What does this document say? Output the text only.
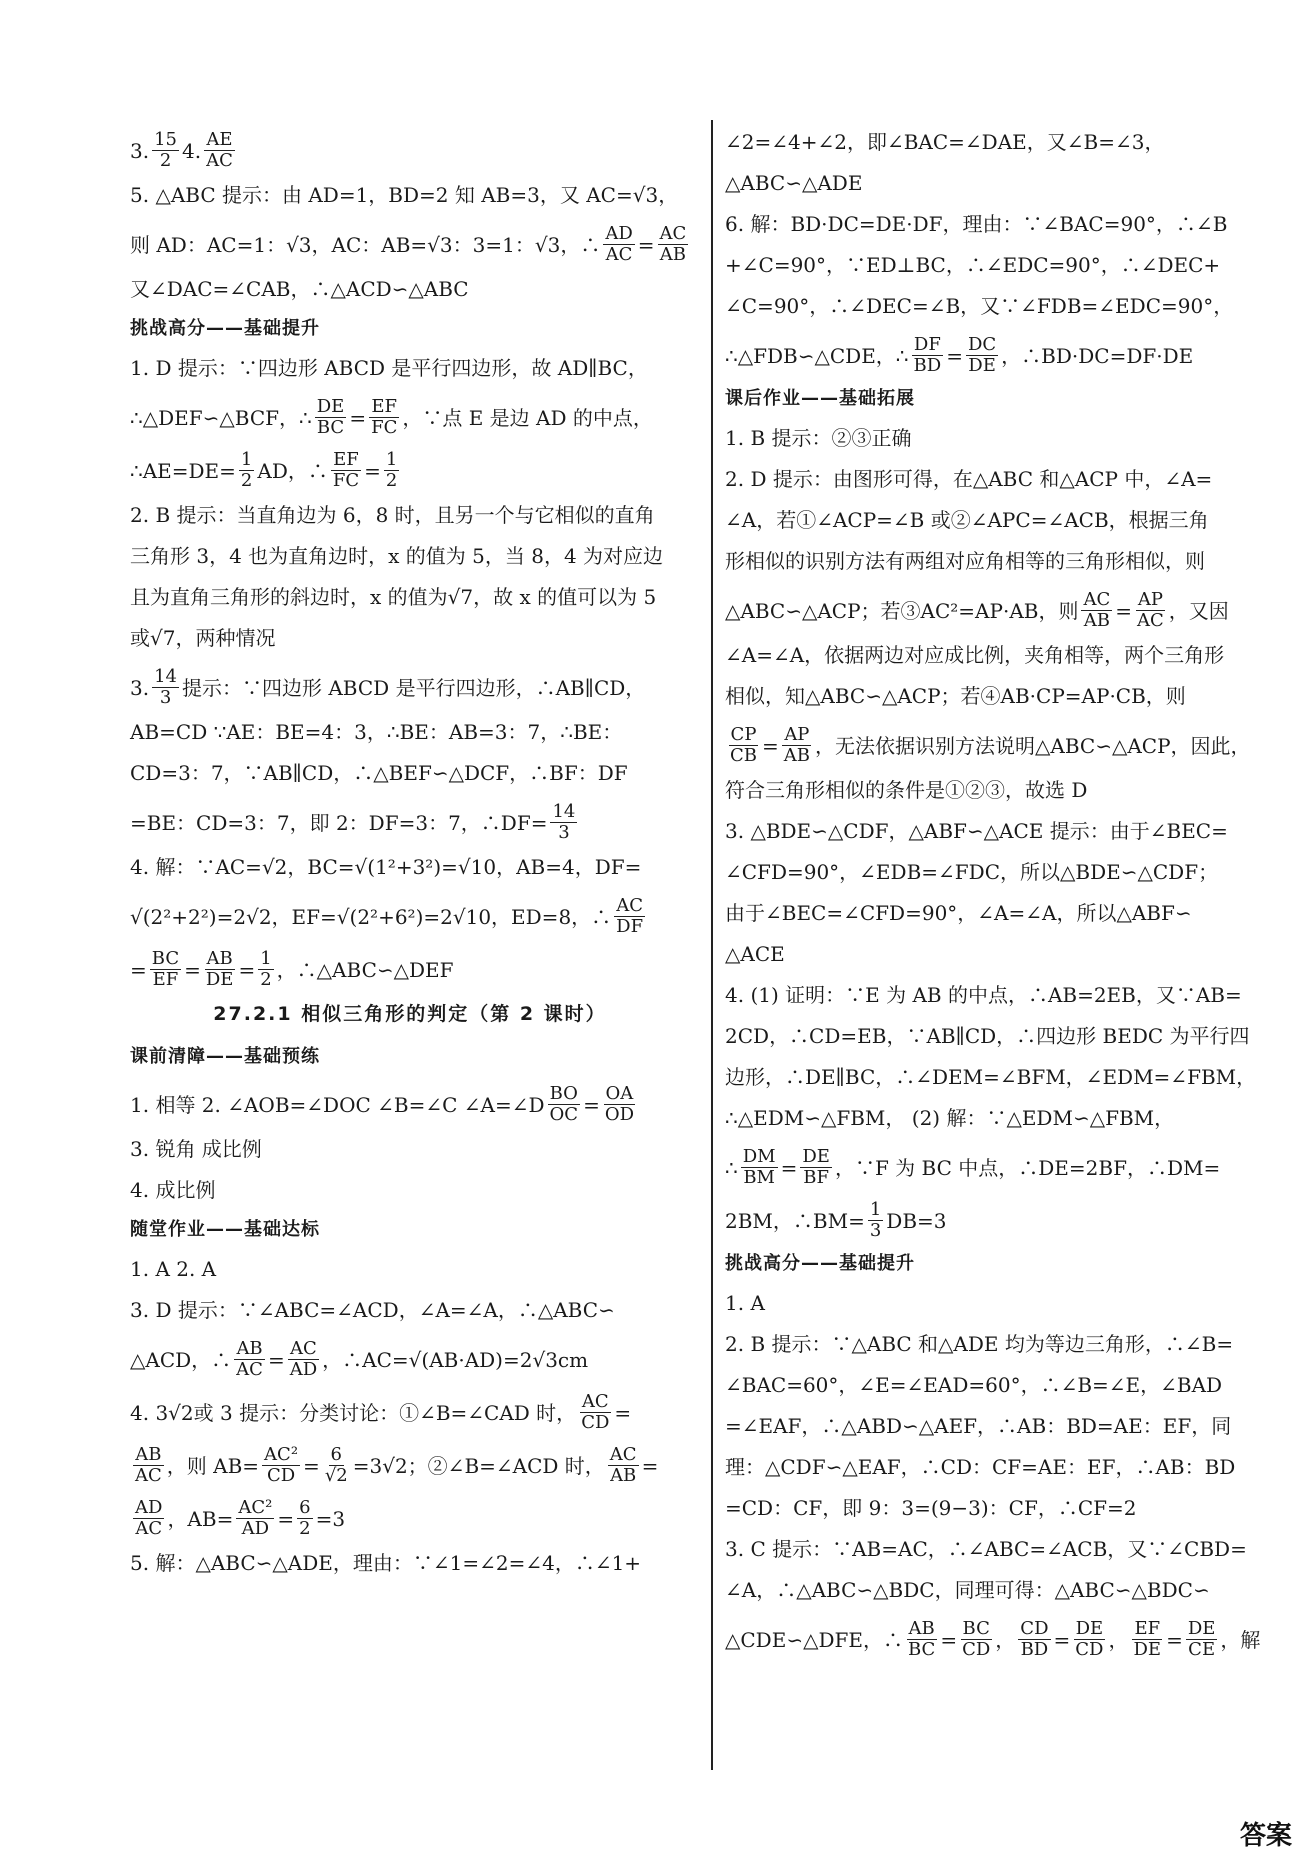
3. $\frac{15}{2} 4$. $\frac{AE}{AC}$
5. △ABC 提示：由 AD=1，BD=2 知 AB=3，又 AC=√3，
则 AD：AC=1：√3，AC：AB=√3：3=1：√3，∴ $\frac{AD}{AC} = \frac{AC}{AB}$
又∠DAC=∠CAB，∴△ACD∽△ABC
挑战高分——基础提升
1. D 提示：∵四边形 ABCD 是平行四边形，故 AD∥BC，
∴△DEF∽△BCF，∴ $\frac{DE}{BC} = \frac{EF}{FC}$ ，∵点 E 是边 AD 的中点，
∴AE=DE= $\frac{1}{2}$ AD，∴ $\frac{EF}{FC} = \frac{1}{2}$
2. B 提示：当直角边为 6，8 时，且另一个与它相似的直角
三角形 3，4 也为直角边时，x 的值为 5，当 8，4 为对应边
且为直角三角形的斜边时，x 的值为√7，故 x 的值可以为 5
或√7，两种情况
3. $\frac{14}{3}$ 提示：∵四边形 ABCD 是平行四边形，∴AB∥CD，
AB=CD ∵AE：BE=4：3，∴BE：AB=3：7，∴BE：
CD=3：7，∵AB∥CD，∴△BEF∽△DCF，∴BF：DF
=BE：CD=3：7，即 2：DF=3：7，∴DF= $\frac{14}{3}$
4. 解：∵AC=√2，BC=√(1²+3²)=√10，AB=4，DF=
√(2²+2²)=2√2，EF=√(2²+6²)=2√10，ED=8，∴ $\frac{AC}{DF}$
= $\frac{BC}{EF} = \frac{AB}{DE} = \frac{1}{2}$ ，∴△ABC∽△DEF
27.2.1 相似三角形的判定（第 2 课时）
课前清障——基础预练
1. 相等 2. ∠AOB=∠DOC ∠B=∠C ∠A=∠D $\frac{BO}{OC} = \frac{OA}{OD}$
3. 锐角 成比例
4. 成比例
随堂作业——基础达标
1. A 2. A
3. D 提示：∵∠ABC=∠ACD，∠A=∠A，∴△ABC∽
△ACD，∴ $\frac{AB}{AC} = \frac{AC}{AD}$ ，∴AC=√(AB·AD)=2√3cm
4. 3√2或 3 提示：分类讨论：①∠B=∠CAD 时， $\frac{AC}{CD}$ =
$\frac{AB}{AC}$ ，则 $AB= \frac{\text{AC²}}{CD} = \frac{6}{√2} =3√2$；②∠B=∠ACD 时， $\frac{AC}{AB}$ =
$\frac{AD}{AC}$ ，$AB= \frac{\text{AC²}}{AD} = \frac{6}{2} =3$
5. 解：△ABC∽△ADE，理由：∵∠1=∠2=∠4，∴∠1+
∠2=∠4+∠2，即∠BAC=∠DAE，又∠B=∠3，
△ABC∽△ADE
6. 解：BD·DC=DE·DF，理由：∵∠BAC=90°，∴∠B
+∠C=90°，∵ED⊥BC，∴∠EDC=90°，∴∠DEC+
∠C=90°，∴∠DEC=∠B，又∵∠FDB=∠EDC=90°，
∴△FDB∽△CDE，∴ $\frac{DF}{BD} = \frac{DC}{DE}$ ，∴BD·DC=DF·DE
课后作业——基础拓展
1. B 提示：②③正确
2. D 提示：由图形可得，在△ABC 和△ACP 中，∠A=
∠A，若①∠ACP=∠B 或②∠APC=∠ACB，根据三角
形相似的识别方法有两组对应角相等的三角形相似，则
△ABC∽△ACP；若③AC²=AP·AB，则 $\frac{AC}{AB} = \frac{AP}{AC}$ ，又因
∠A=∠A，依据两边对应成比例，夹角相等，两个三角形
相似，知△ABC∽△ACP；若④AB·CP=AP·CB，则
$\frac{CP}{CB} = \frac{AP}{AB}$ ，无法依据识别方法说明△ABC∽△ACP，因此，
符合三角形相似的条件是①②③，故选 D
3. △BDE∽△CDF，△ABF∽△ACE 提示：由于∠BEC=
∠CFD=90°，∠EDB=∠FDC，所以△BDE∽△CDF；
由于∠BEC=∠CFD=90°，∠A=∠A，所以△ABF∽
△ACE
4. (1) 证明：∵E 为 AB 的中点，∴AB=2EB，又∵AB=
2CD，∴CD=EB，∵AB∥CD，∴四边形 BEDC 为平行四
边形，∴DE∥BC，∴∠DEM=∠BFM，∠EDM=∠FBM，
∴△EDM∽△FBM， (2) 解：∵△EDM∽△FBM，
∴ $\frac{DM}{BM} = \frac{DE}{BF}$ ，∵F 为 BC 中点，∴DE=2BF，∴DM=
2BM，∴BM= $\frac{1}{3} DB=3$
挑战高分——基础提升
1. A
2. B 提示：∵△ABC 和△ADE 均为等边三角形，∴∠B=
∠BAC=60°，∠E=∠EAD=60°，∴∠B=∠E，∠BAD
=∠EAF，∴△ABD∽△AEF，∴AB：BD=AE：EF，同
理：△CDF∽△EAF，∴CD：CF=AE：EF，∴AB：BD
=CD：CF，即 9：3=(9−3)：CF，∴CF=2
3. C 提示：∵AB=AC，∴∠ABC=∠ACB，又∵∠CBD=
∠A，∴△ABC∽△BDC，同理可得：△ABC∽△BDC∽
△CDE∽△DFE，∴ $\frac{AB}{BC} = \frac{BC}{CD}$ ， $\frac{CD}{BD} = \frac{DE}{CD}$ ， $\frac{EF}{DE} = \frac{DE}{CE}$ ，解
答案
